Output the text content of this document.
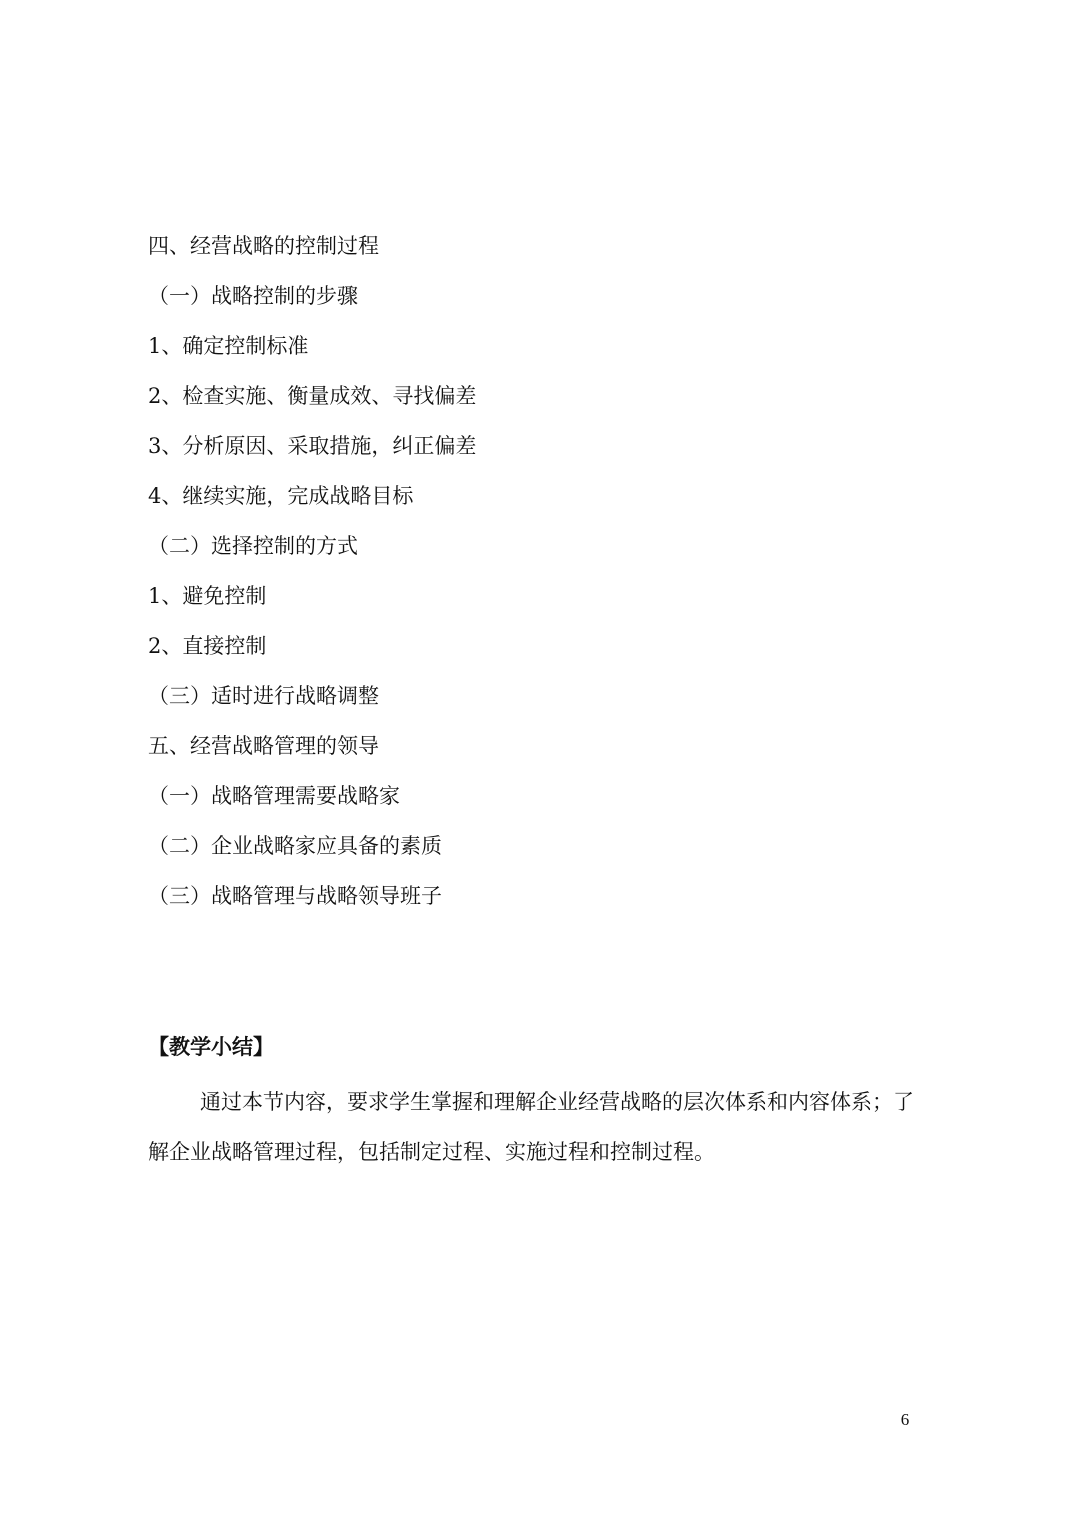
四、经营战略的控制过程
（一）战略控制的步骤
1、确定控制标准
2、检查实施、衡量成效、寻找偏差
3、分析原因、采取措施，纠正偏差
4、继续实施，完成战略目标
（二）选择控制的方式
1、避免控制
2、直接控制
（三）适时进行战略调整
五、经营战略管理的领导
（一）战略管理需要战略家
（二）企业战略家应具备的素质
（三）战略管理与战略领导班子
【教学小结】

通过本节内容，要求学生掌握和理解企业经营战略的层次体系和内容体系；了解企业战略管理过程，包括制定过程、实施过程和控制过程。

6
